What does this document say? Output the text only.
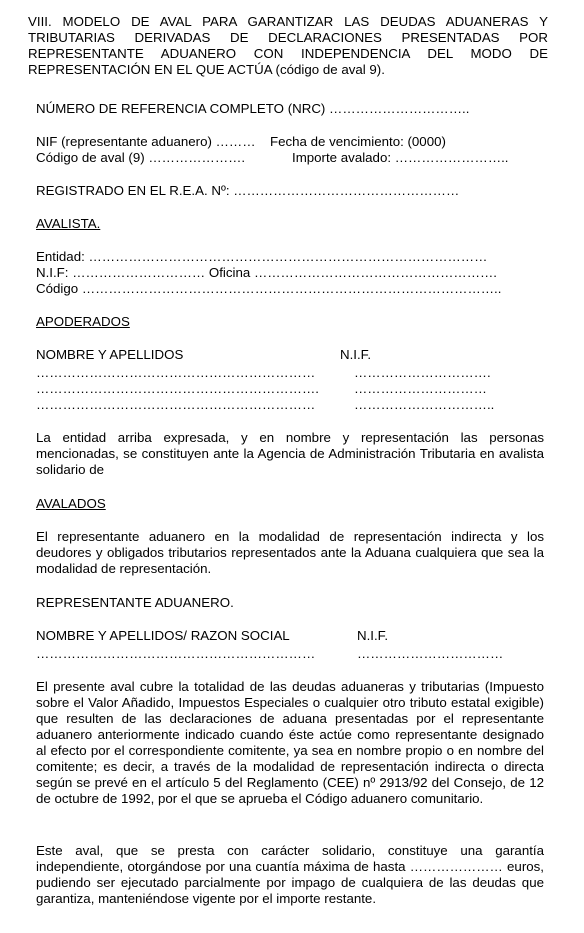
VIII. MODELO DE AVAL PARA GARANTIZAR LAS DEUDAS ADUANERAS Y TRIBUTARIAS DERIVADAS DE DECLARACIONES PRESENTADAS POR REPRESENTANTE ADUANERO CON INDEPENDENCIA DEL MODO DE REPRESENTACIÓN EN EL QUE ACTÚA (código de aval 9).
NÚMERO DE REFERENCIA COMPLETO (NRC) …………………………..
NIF (representante aduanero) ……… Fecha de vencimiento: (0000)
Código de aval (9) ………………….	Importe avalado: ……………………..
REGISTRADO EN EL R.E.A. Nº: ……………………………………………
AVALISTA.
Entidad: ………………………………………………………………………………
N.I.F: ………………………… Oficina ……………………………………………….
Código …………………………………………………………………………………..
APODERADOS
NOMBRE Y APELLIDOS	N.I.F.
………………………………………………………	………………………….
……………………………………………………….	…………………………
………………………………………………………	…………………………..
La entidad arriba expresada, y en nombre y representación las personas mencionadas, se constituyen ante la Agencia de Administración Tributaria en avalista solidario de
AVALADOS
El representante aduanero en la modalidad de representación indirecta y los deudores y obligados tributarios representados ante la Aduana cualquiera que sea la modalidad de representación.
REPRESENTANTE ADUANERO.
NOMBRE Y APELLIDOS/ RAZON SOCIAL	N.I.F.
………………………………………………………	……………………………
El presente aval cubre la totalidad de las deudas aduaneras y tributarias (Impuesto sobre el Valor Añadido, Impuestos Especiales o cualquier otro tributo estatal exigible) que resulten de las declaraciones de aduana presentadas por el representante aduanero anteriormente indicado cuando éste actúe como representante designado al efecto por el correspondiente comitente, ya sea en nombre propio o en nombre del comitente; es decir, a través de la modalidad de representación indirecta o directa según se prevé en el artículo 5 del Reglamento (CEE) nº 2913/92 del Consejo, de 12 de octubre de 1992, por el que se aprueba el Código aduanero comunitario.
Este aval, que se presta con carácter solidario, constituye una garantía independiente, otorgándose por una cuantía máxima de hasta ………………… euros, pudiendo ser ejecutado parcialmente por impago de cualquiera de las deudas que garantiza, manteniéndose vigente por el importe restante.
